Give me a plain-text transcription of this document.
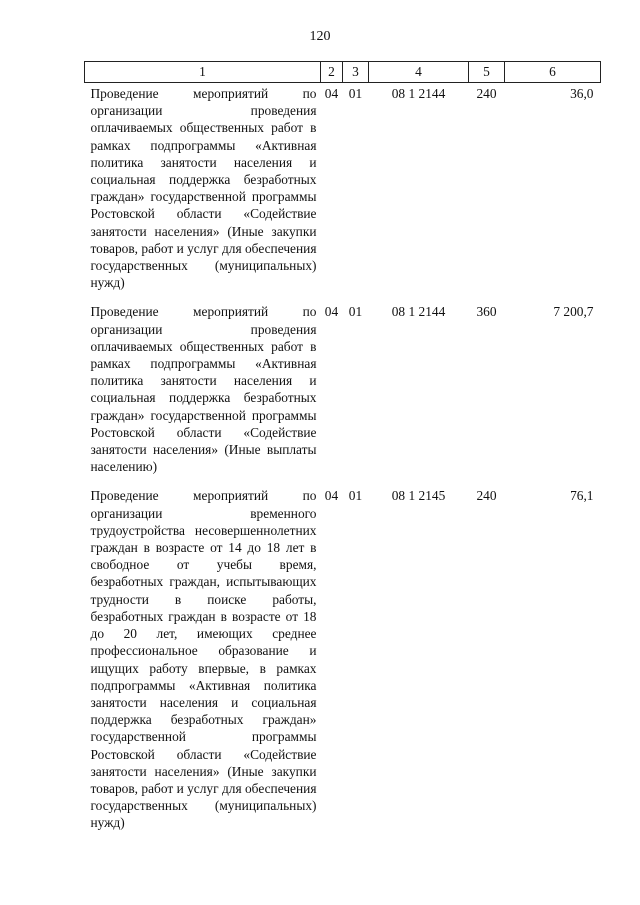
120
1	2	3	4	5	6
Проведение мероприятий по организации проведения оплачиваемых общественных работ в рамках подпрограммы «Активная политика занятости населения и социальная поддержка безработных граждан» государственной программы Ростовской области «Содействие занятости населения» (Иные закупки товаров, работ и услуг для обеспечения государственных (муниципальных) нужд)	04	01	08 1 2144	240	36,0
Проведение мероприятий по организации проведения оплачиваемых общественных работ в рамках подпрограммы «Активная политика занятости населения и социальная поддержка безработных граждан» государственной программы Ростовской области «Содействие занятости населения» (Иные выплаты населению)	04	01	08 1 2144	360	7 200,7
Проведение мероприятий по организации временного трудоустройства несовершеннолетних граждан в возрасте от 14 до 18 лет в свободное от учебы время, безработных граждан, испытывающих трудности в поиске работы, безработных граждан в возрасте от 18 до 20 лет, имеющих среднее профессиональное образование и ищущих работу впервые, в рамках подпрограммы «Активная политика занятости населения и социальная поддержка безработных граждан» государственной программы Ростовской области «Содействие занятости населения» (Иные закупки товаров, работ и услуг для обеспечения государственных (муниципальных) нужд)	04	01	08 1 2145	240	76,1
